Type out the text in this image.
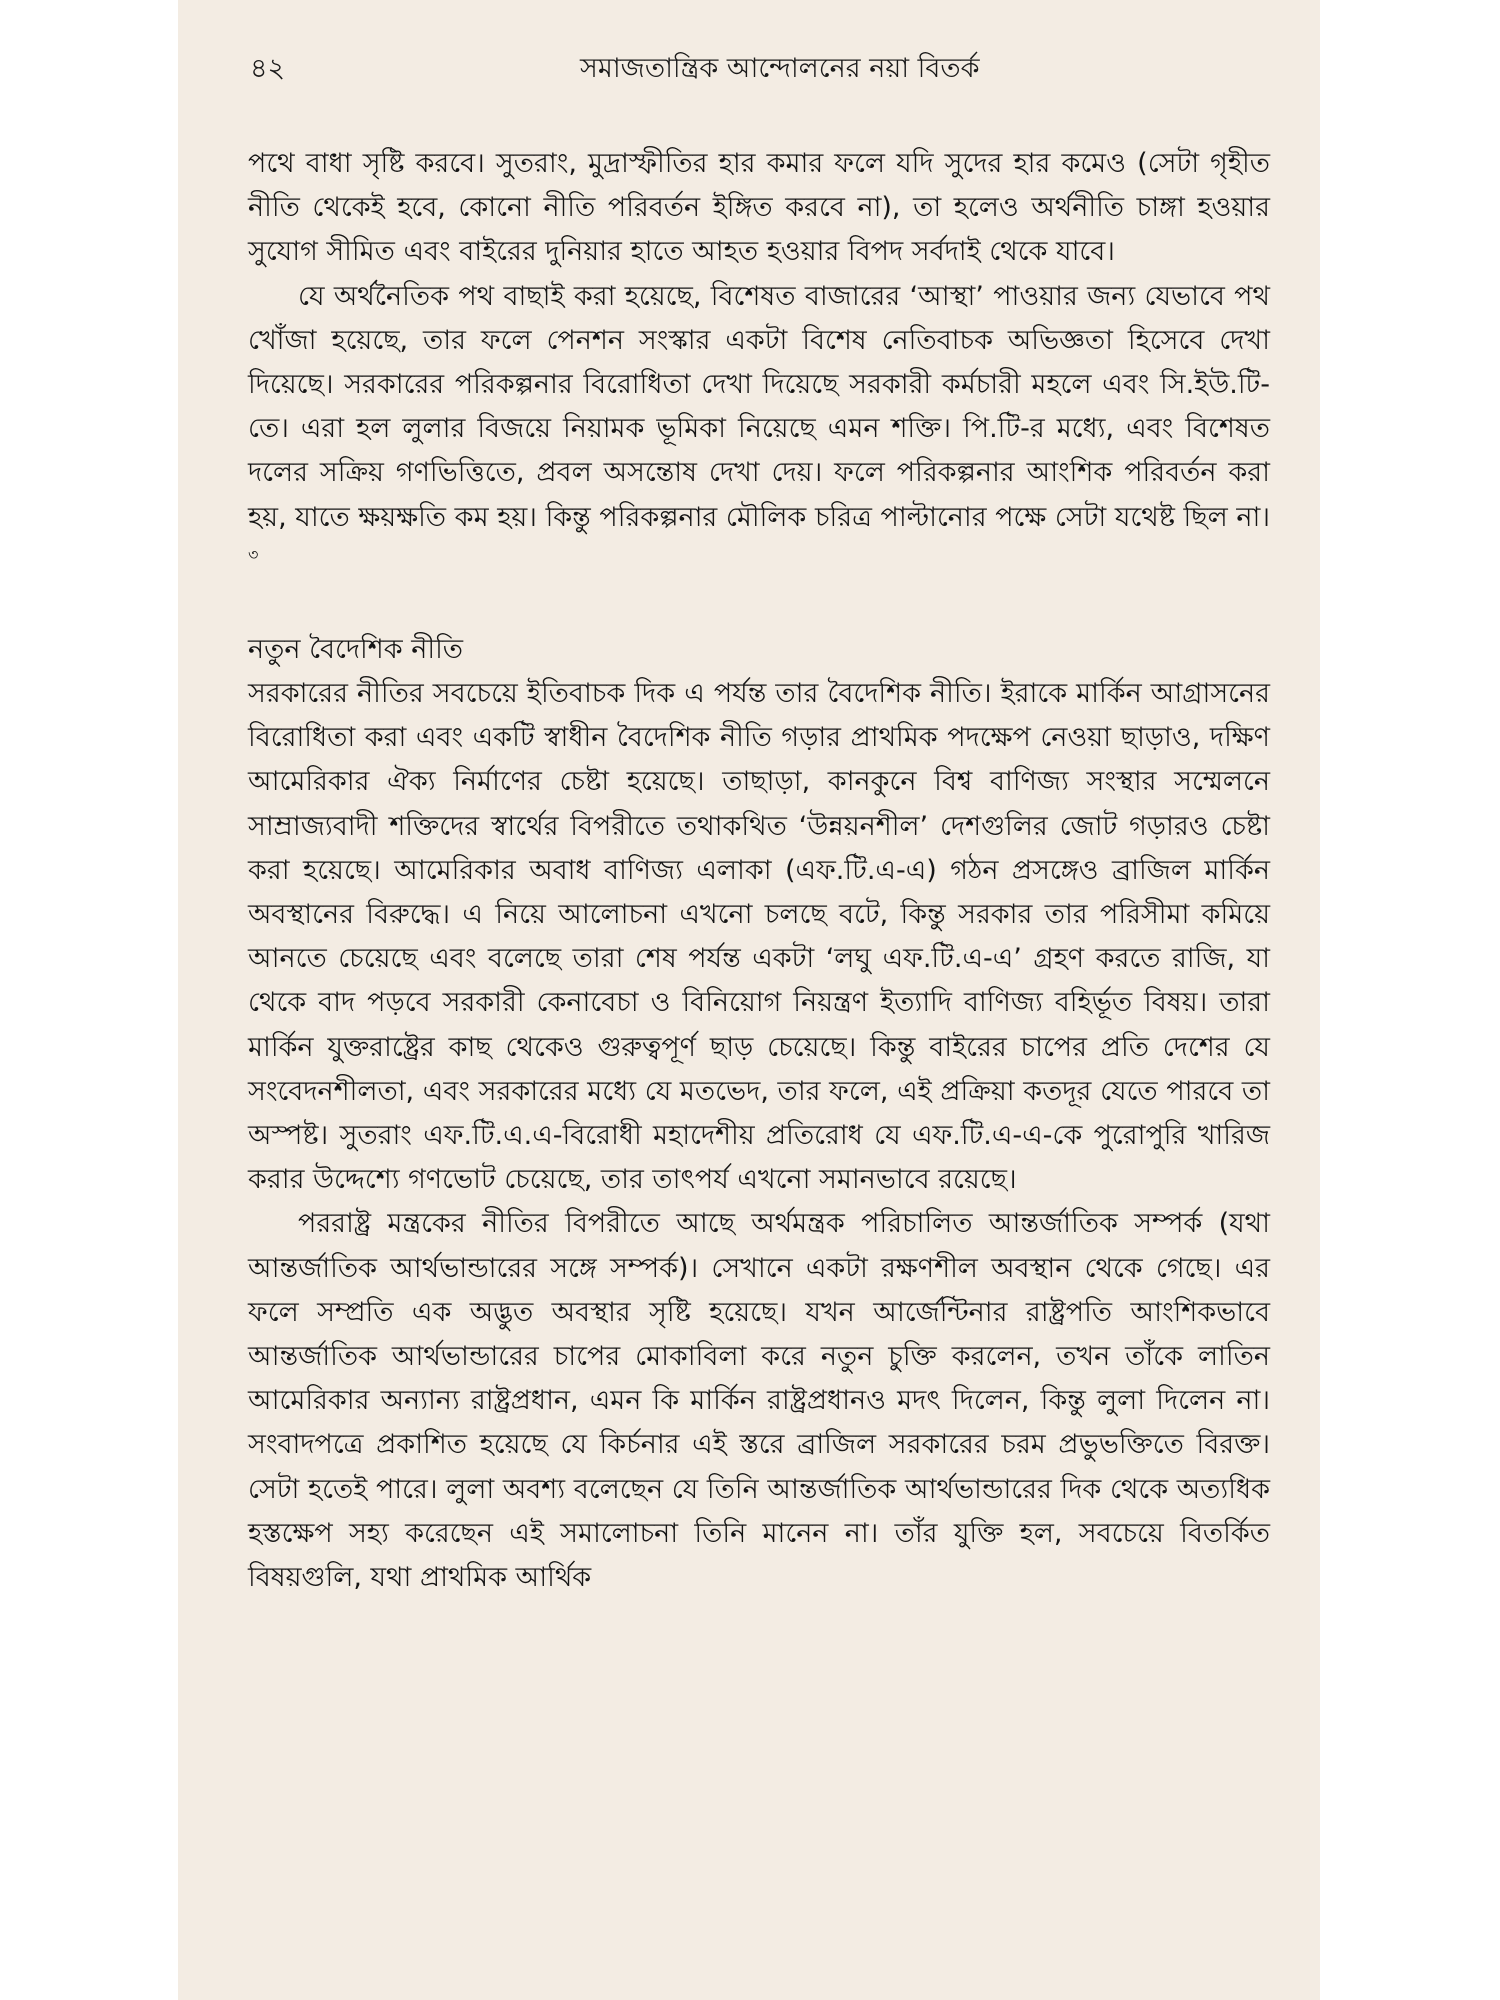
৪২	সমাজতান্ত্রিক আন্দোলনের নয়া বিতর্ক

পথে বাধা সৃষ্টি করবে। সুতরাং, মুদ্রাস্ফীতির হার কমার ফলে যদি সুদের হার কমেও (সেটা গৃহীত নীতি থেকেই হবে, কোনো নীতি পরিবর্তন ইঙ্গিত করবে না), তা হলেও অর্থনীতি চাঙ্গা হওয়ার সুযোগ সীমিত এবং বাইরের দুনিয়ার হাতে আহত হওয়ার বিপদ সর্বদাই থেকে যাবে।

যে অর্থনৈতিক পথ বাছাই করা হয়েছে, বিশেষত বাজারের ‘আস্থা’ পাওয়ার জন্য যেভাবে পথ খোঁজা হয়েছে, তার ফলে পেনশন সংস্কার একটা বিশেষ নেতিবাচক অভিজ্ঞতা হিসেবে দেখা দিয়েছে। সরকারের পরিকল্পনার বিরোধিতা দেখা দিয়েছে সরকারী কর্মচারী মহলে এবং সি.ইউ.টি-তে। এরা হল লুলার বিজয়ে নিয়ামক ভূমিকা নিয়েছে এমন শক্তি। পি.টি-র মধ্যে, এবং বিশেষত দলের সক্রিয় গণভিত্তিতে, প্রবল অসন্তোষ দেখা দেয়। ফলে পরিকল্পনার আংশিক পরিবর্তন করা হয়, যাতে ক্ষয়ক্ষতি কম হয়। কিন্তু পরিকল্পনার মৌলিক চরিত্র পাল্টানোর পক্ষে সেটা যথেষ্ট ছিল না।$^৩$

নতুন বৈদেশিক নীতি

সরকারের নীতির সবচেয়ে ইতিবাচক দিক এ পর্যন্ত তার বৈদেশিক নীতি। ইরাকে মার্কিন আগ্রাসনের বিরোধিতা করা এবং একটি স্বাধীন বৈদেশিক নীতি গড়ার প্রাথমিক পদক্ষেপ নেওয়া ছাড়াও, দক্ষিণ আমেরিকার ঐক্য নির্মাণের চেষ্টা হয়েছে। তাছাড়া, কানকুনে বিশ্ব বাণিজ্য সংস্থার সম্মেলনে সাম্রাজ্যবাদী শক্তিদের স্বার্থের বিপরীতে তথাকথিত ‘উন্নয়নশীল’ দেশগুলির জোট গড়ারও চেষ্টা করা হয়েছে। আমেরিকার অবাধ বাণিজ্য এলাকা (এফ.টি.এ-এ) গঠন প্রসঙ্গেও ব্রাজিল মার্কিন অবস্থানের বিরুদ্ধে। এ নিয়ে আলোচনা এখনো চলছে বটে, কিন্তু সরকার তার পরিসীমা কমিয়ে আনতে চেয়েছে এবং বলেছে তারা শেষ পর্যন্ত একটা ‘লঘু এফ.টি.এ-এ’ গ্রহণ করতে রাজি, যা থেকে বাদ পড়বে সরকারী কেনাবেচা ও বিনিয়োগ নিয়ন্ত্রণ ইত্যাদি বাণিজ্য বহির্ভূত বিষয়। তারা মার্কিন যুক্তরাষ্ট্রের কাছ থেকেও গুরুত্বপূর্ণ ছাড় চেয়েছে। কিন্তু বাইরের চাপের প্রতি দেশের যে সংবেদনশীলতা, এবং সরকারের মধ্যে যে মতভেদ, তার ফলে, এই প্রক্রিয়া কতদূর যেতে পারবে তা অস্পষ্ট। সুতরাং এফ.টি.এ.এ-বিরোধী মহাদেশীয় প্রতিরোধ যে এফ.টি.এ-এ-কে পুরোপুরি খারিজ করার উদ্দেশ্যে গণভোট চেয়েছে, তার তাৎপর্য এখনো সমানভাবে রয়েছে।

পররাষ্ট্র মন্ত্রকের নীতির বিপরীতে আছে অর্থমন্ত্রক পরিচালিত আন্তর্জাতিক সম্পর্ক (যথা আন্তর্জাতিক আর্থভান্ডারের সঙ্গে সম্পর্ক)। সেখানে একটা রক্ষণশীল অবস্থান থেকে গেছে। এর ফলে সম্প্রতি এক অদ্ভুত অবস্থার সৃষ্টি হয়েছে। যখন আর্জেন্টিনার রাষ্ট্রপতি আংশিকভাবে আন্তর্জাতিক আর্থভান্ডারের চাপের মোকাবিলা করে নতুন চুক্তি করলেন, তখন তাঁকে লাতিন আমেরিকার অন্যান্য রাষ্ট্রপ্রধান, এমন কি মার্কিন রাষ্ট্রপ্রধানও মদৎ দিলেন, কিন্তু লুলা দিলেন না। সংবাদপত্রে প্রকাশিত হয়েছে যে কির্চনার এই স্তরে ব্রাজিল সরকারের চরম প্রভুভক্তিতে বিরক্ত। সেটা হতেই পারে। লুলা অবশ্য বলেছেন যে তিনি আন্তর্জাতিক আর্থভান্ডারের দিক থেকে অত্যধিক হস্তক্ষেপ সহ্য করেছেন এই সমালোচনা তিনি মানেন না। তাঁর যুক্তি হল, সবচেয়ে বিতর্কিত বিষয়গুলি, যথা প্রাথমিক আর্থিক
